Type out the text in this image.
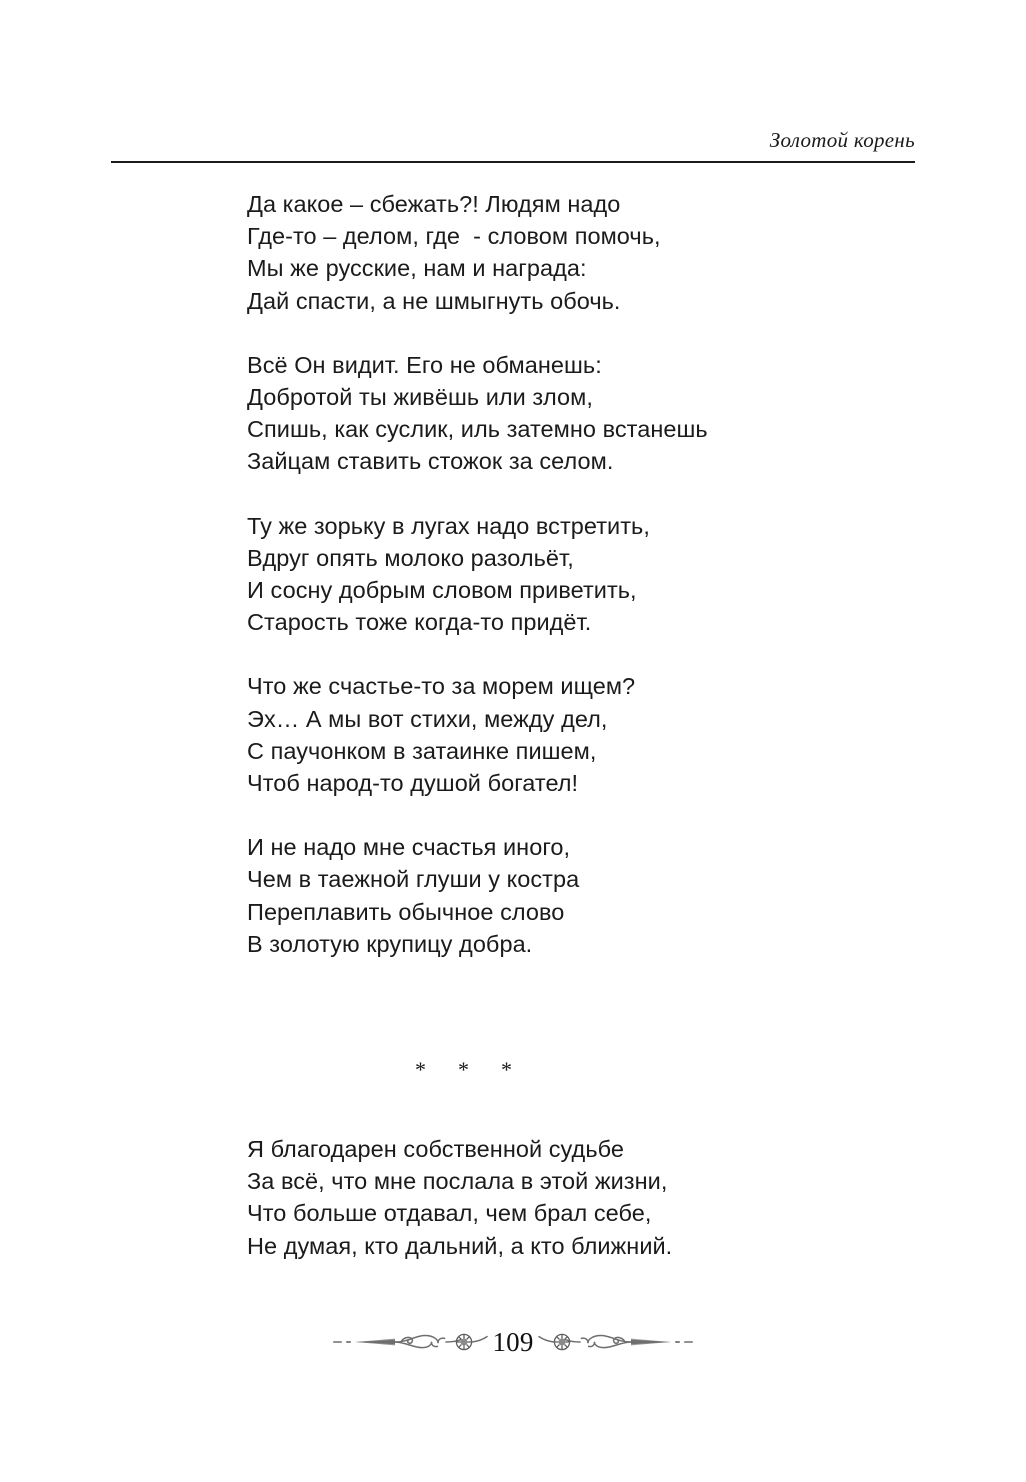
Золотой корень
Да какое – сбежать?! Людям надо
Где-то – делом, где  - словом помочь,
Мы же русские, нам и награда:
Дай спасти, а не шмыгнуть обочь.
Всё Он видит. Его не обманешь:
Добротой ты живёшь или злом,
Спишь, как суслик, иль затемно встанешь
Зайцам ставить стожок за селом.
Ту же зорьку в лугах надо встретить,
Вдруг опять молоко разольёт,
И сосну добрым словом приветить,
Старость тоже когда-то придёт.
Что же счастье-то за морем ищем?
Эх… А мы вот стихи, между дел,
С паучонком в затаинке пишем,
Чтоб народ-то душой богател!
И не надо мне счастья иного,
Чем в таежной глуши у костра
Переплавить обычное слово
В золотую крупицу добра.
*  *  *
Я благодарен собственной судьбе
За всё, что мне послала в этой жизни,
Что больше отдавал, чем брал себе,
Не думая, кто дальний, а кто ближний.
109
